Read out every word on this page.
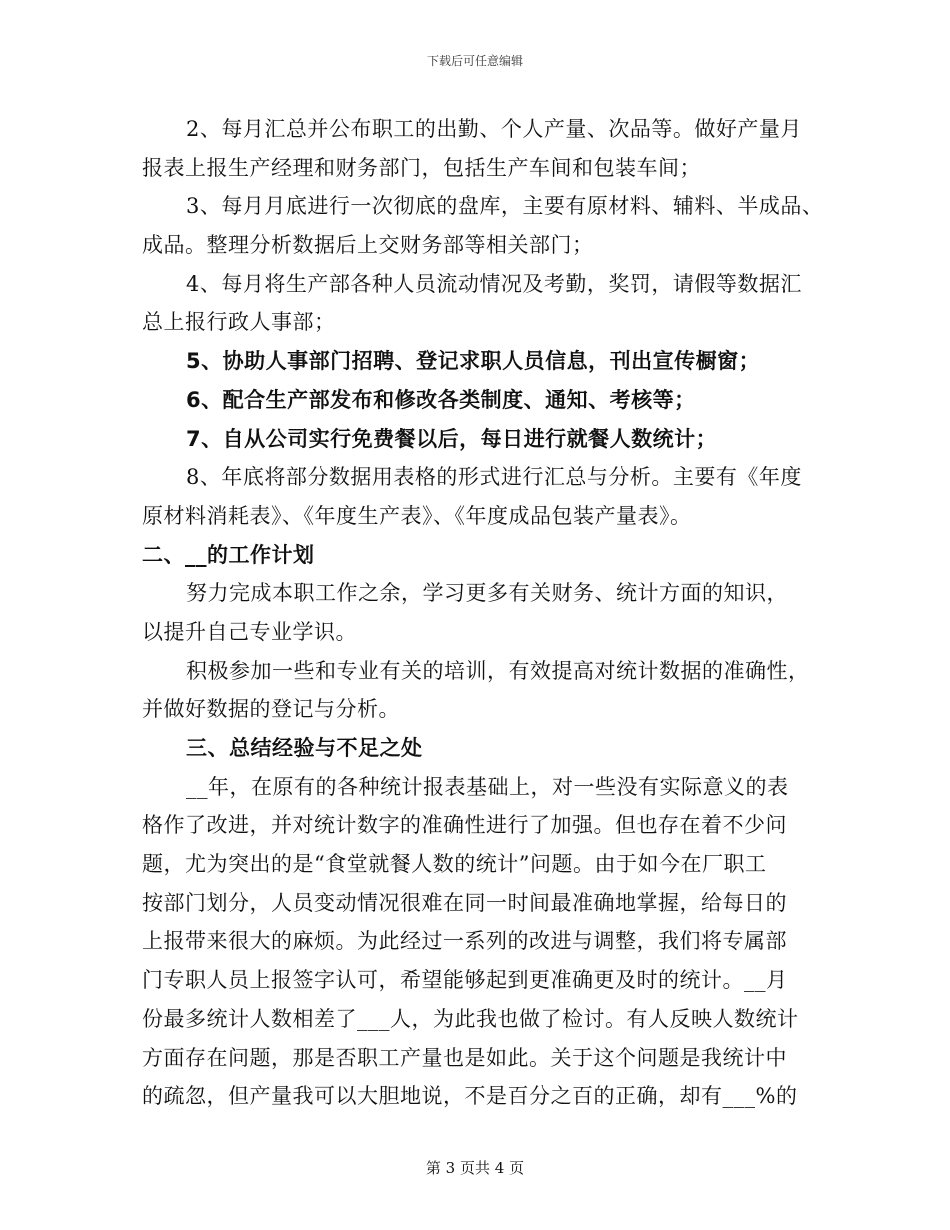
下载后可任意编辑
2、每月汇总并公布职工的出勤、个人产量、次品等。做好产量月
报表上报生产经理和财务部门，包括生产车间和包装车间；
3、每月月底进行一次彻底的盘库，主要有原材料、辅料、半成品、
成品。整理分析数据后上交财务部等相关部门；
4、每月将生产部各种人员流动情况及考勤，奖罚，请假等数据汇
总上报行政人事部；
5、协助人事部门招聘、登记求职人员信息，刊出宣传橱窗；
6、配合生产部发布和修改各类制度、通知、考核等；
7、自从公司实行免费餐以后，每日进行就餐人数统计；
8、年底将部分数据用表格的形式进行汇总与分析。主要有《年度
原材料消耗表》、《年度生产表》、《年度成品包装产量表》。
二、__的工作计划
努力完成本职工作之余，学习更多有关财务、统计方面的知识，
以提升自己专业学识。
积极参加一些和专业有关的培训，有效提高对统计数据的准确性，
并做好数据的登记与分析。
三、总结经验与不足之处
__年，在原有的各种统计报表基础上，对一些没有实际意义的表
格作了改进，并对统计数字的准确性进行了加强。但也存在着不少问
题，尤为突出的是“食堂就餐人数的统计”问题。由于如今在厂职工
按部门划分，人员变动情况很难在同一时间最准确地掌握，给每日的
上报带来很大的麻烦。为此经过一系列的改进与调整，我们将专属部
门专职人员上报签字认可，希望能够起到更准确更及时的统计。__月
份最多统计人数相差了___人，为此我也做了检讨。有人反映人数统计
方面存在问题，那是否职工产量也是如此。关于这个问题是我统计中
的疏忽，但产量我可以大胆地说，不是百分之百的正确，却有___%的
第 3 页共 4 页
